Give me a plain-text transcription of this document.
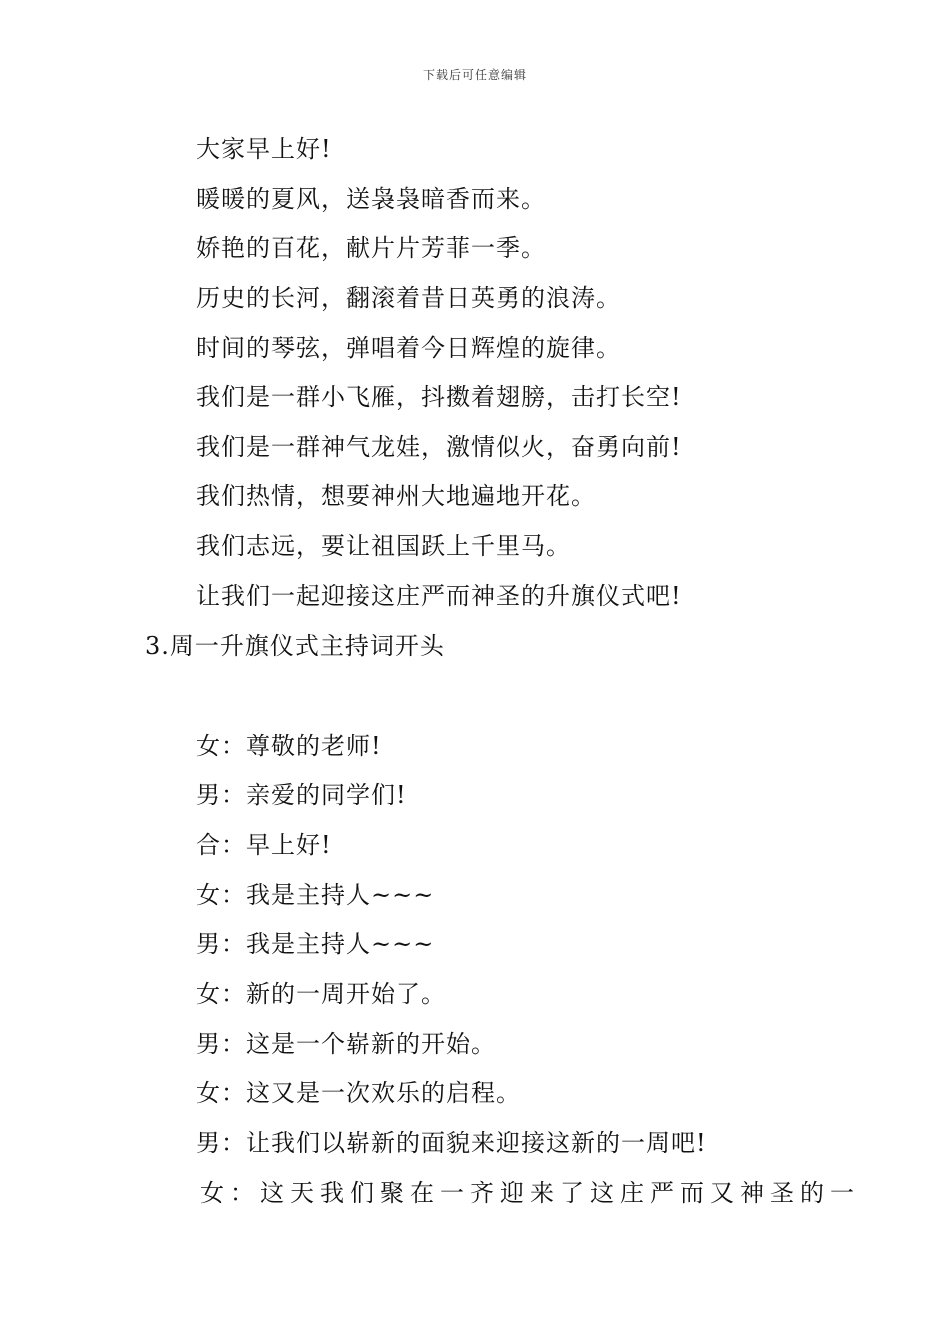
下载后可任意编辑
大家早上好!
暖暖的夏风，送袅袅暗香而来。
娇艳的百花，献片片芳菲一季。
历史的长河，翻滚着昔日英勇的浪涛。
时间的琴弦，弹唱着今日辉煌的旋律。
我们是一群小飞雁，抖擞着翅膀，击打长空!
我们是一群神气龙娃，激情似火，奋勇向前!
我们热情，想要神州大地遍地开花。
我们志远，要让祖国跃上千里马。
让我们一起迎接这庄严而神圣的升旗仪式吧!
3.周一升旗仪式主持词开头
女：尊敬的老师!
男：亲爱的同学们!
合：早上好!
女：我是主持人~~~
男：我是主持人~~~
女：新的一周开始了。
男：这是一个崭新的开始。
女：这又是一次欢乐的启程。
男：让我们以崭新的面貌来迎接这新的一周吧!
女：这天我们聚在一齐迎来了这庄严而又神圣的一
